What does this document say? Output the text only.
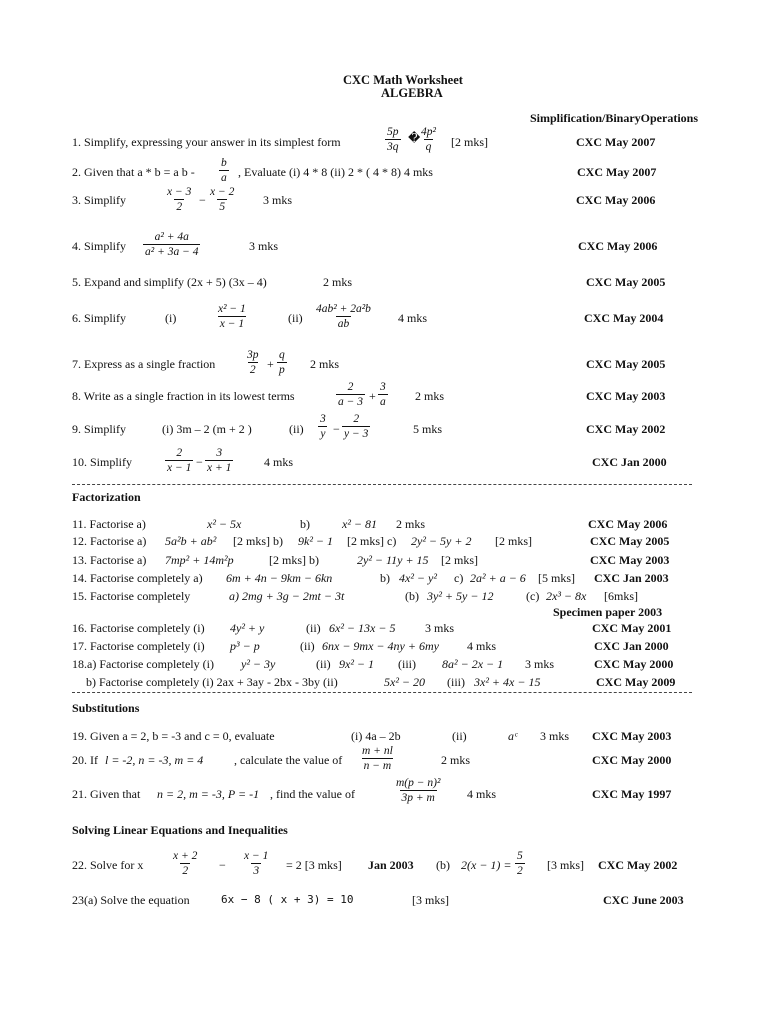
CXC Math Worksheet
ALGEBRA
Simplification/BinaryOperations
1. Simplify, expressing your answer in its simplest form	$\frac{5p}{3q}$ �
$\frac{\text{4p²}}{q} [2$ mks]	CXC May 2007
2. Given that a * b = a b - $\frac{b}{a}$ , Evaluate (i) 4 * 8 (ii) 2 * ( 4 * 8) 4 mks	CXC May 2007
3. Simplify	$\frac{x - 3}{2} - \frac{x - 2}{5} 3$ mks	CXC May 2006
4. Simplify $\frac{\text{a² + 4a}}{\text{a² + 3a − 4}}$	3 mks	CXC May 2006
5. Expand and simplify (2x + 5) (3x – 4)	2 mks	CXC May 2005
6. Simplify	(i)	$\frac{\text{x² − 1}}{x - 1}$	$(ii) \frac{\text{4ab² + 2a²b}}{ab} 4$ mks	CXC May 2004
7. Express as a single fraction	$\frac{3p}{2} + \frac{q}{p} 2$ mks	CXC May 2005
8. Write as a single fraction in its lowest terms	$\frac{2}{a - 3} + \frac{3}{a} 2$ mks	CXC May 2003
9. Simplify	(i) 3m – 2 (m + 2 )	$(ii) \frac{3}{y} - \frac{2}{y - 3}$	5 mks	CXC May 2002
10. Simplify	$\frac{2}{x - 1} - \frac{3}{x + 1}$	4 mks	CXC Jan 2000
Factorization
11. Factorise a)	x² − 5x	b)	x² − 81 2 mks	CXC May 2006
12. Factorise a) 5a²b + ab² [2 mks] b) 9k² − 1 [2 mks] c) 2y² − 5y + 2 [2 mks]	CXC May 2005
13. Factorise a) 7mp² + 14m²p	[2 mks] b)	2y² − 11y + 15 [2 mks]	CXC May 2003
14. Factorise completely a) 6m + 4n − 9km − 6kn	b) 4x² − y² c) 2a² + a − 6 [5 mks] CXC Jan 2003
15. Factorise completely	a) 2mg + 3g − 2mt − 3t	(b) 3y² + 5y − 12	(c) 2x³ − 8x [6mks]
Specimen paper 2003
16. Factorise completely (i) 4y² + y	(ii) 6x² − 13x − 5 3 mks	CXC May 2001
17. Factorise completely (i) p³ − p	(ii) 6nx − 9mx − 4ny + 6my 4 mks	CXC Jan 2000
18.a) Factorise completely (i) y² − 3y	(ii) 9x² − 1 (iii) 8a² − 2x − 1 3 mks	CXC May 2000
b) Factorise completely (i) 2ax + 3ay - 2bx - 3by (ii)	5x² − 20 (iii) 3x² + 4x − 15	CXC May 2009
Substitutions
19. Given a = 2, b = -3 and c = 0, evaluate	(i) 4a – 2b	(ii)	aᶜ 3 mks CXC May 2003
20. If l = -2, n = -3, m = 4	, calculate the value of $\frac{m + nl}{n - m}$	2 mks	CXC May 2000
21. Given that n = 2, m = -3, P = -1 , find the value of	$\frac{\text{m(p − n)²}}{3p + m} 4$ mks	CXC May 1997
Solving Linear Equations and Inequalities
22. Solve for x $\frac{x + 2}{2} - \frac{x - 1}{3} = 2$ [3 mks] Jan 2003 (b) $2(x - 1) = \frac{5}{2} [3$ mks] CXC May 2002
23(a) Solve the equation	6x − 8 ( x + 3) = 10	[3 mks]	CXC June 2003
